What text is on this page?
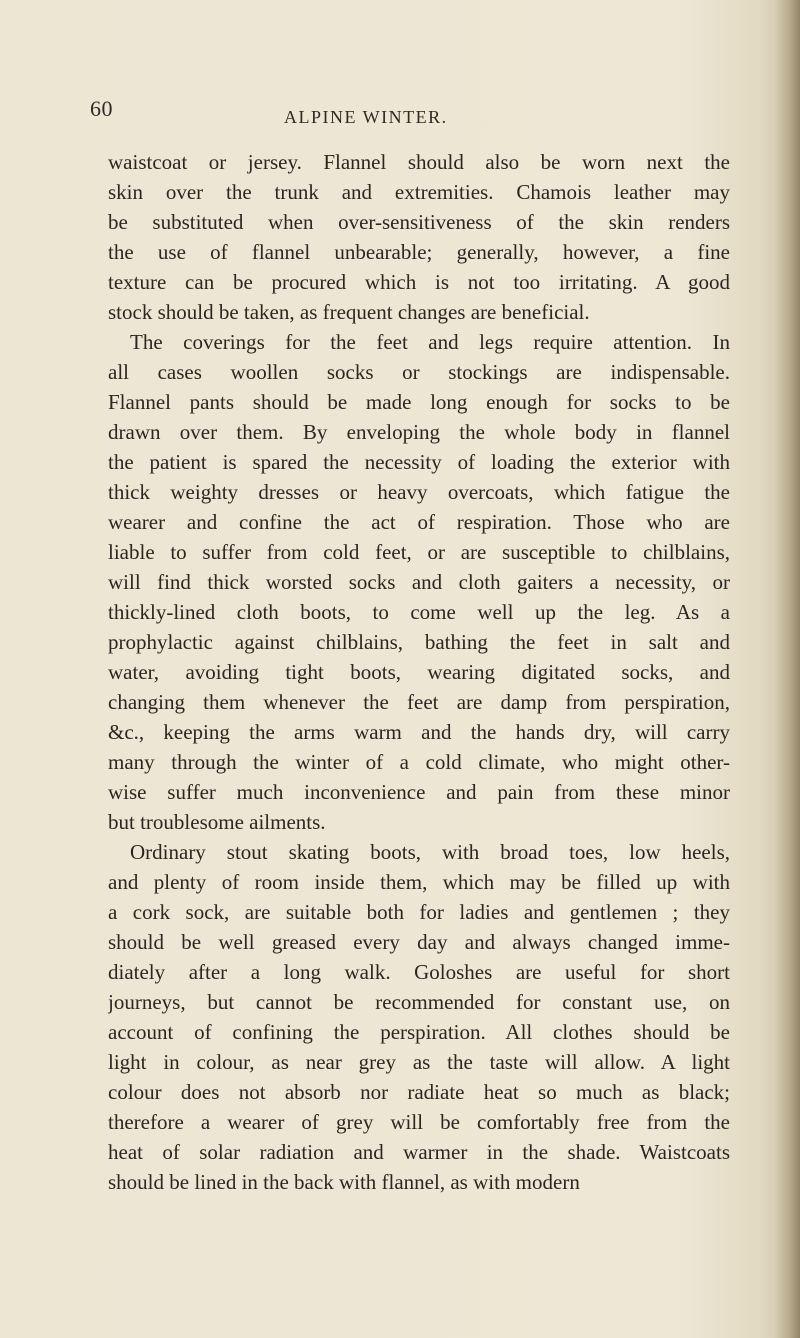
60	ALPINE WINTER.
waistcoat or jersey. Flannel should also be worn next the
skin over the trunk and extremities. Chamois leather may
be substituted when over-sensitiveness of the skin renders
the use of flannel unbearable; generally, however, a fine
texture can be procured which is not too irritating. A good
stock should be taken, as frequent changes are beneficial.
The coverings for the feet and legs require attention. In
all cases woollen socks or stockings are indispensable.
Flannel pants should be made long enough for socks to be
drawn over them. By enveloping the whole body in flannel
the patient is spared the necessity of loading the exterior with
thick weighty dresses or heavy overcoats, which fatigue the
wearer and confine the act of respiration. Those who are
liable to suffer from cold feet, or are susceptible to chilblains,
will find thick worsted socks and cloth gaiters a necessity, or
thickly-lined cloth boots, to come well up the leg. As a
prophylactic against chilblains, bathing the feet in salt and
water, avoiding tight boots, wearing digitated socks, and
changing them whenever the feet are damp from perspiration,
&c., keeping the arms warm and the hands dry, will carry
many through the winter of a cold climate, who might other-
wise suffer much inconvenience and pain from these minor
but troublesome ailments.
Ordinary stout skating boots, with broad toes, low heels,
and plenty of room inside them, which may be filled up with
a cork sock, are suitable both for ladies and gentlemen ; they
should be well greased every day and always changed imme-
diately after a long walk. Goloshes are useful for short
journeys, but cannot be recommended for constant use, on
account of confining the perspiration. All clothes should be
light in colour, as near grey as the taste will allow. A light
colour does not absorb nor radiate heat so much as black;
therefore a wearer of grey will be comfortably free from the
heat of solar radiation and warmer in the shade. Waistcoats
should be lined in the back with flannel, as with modern
